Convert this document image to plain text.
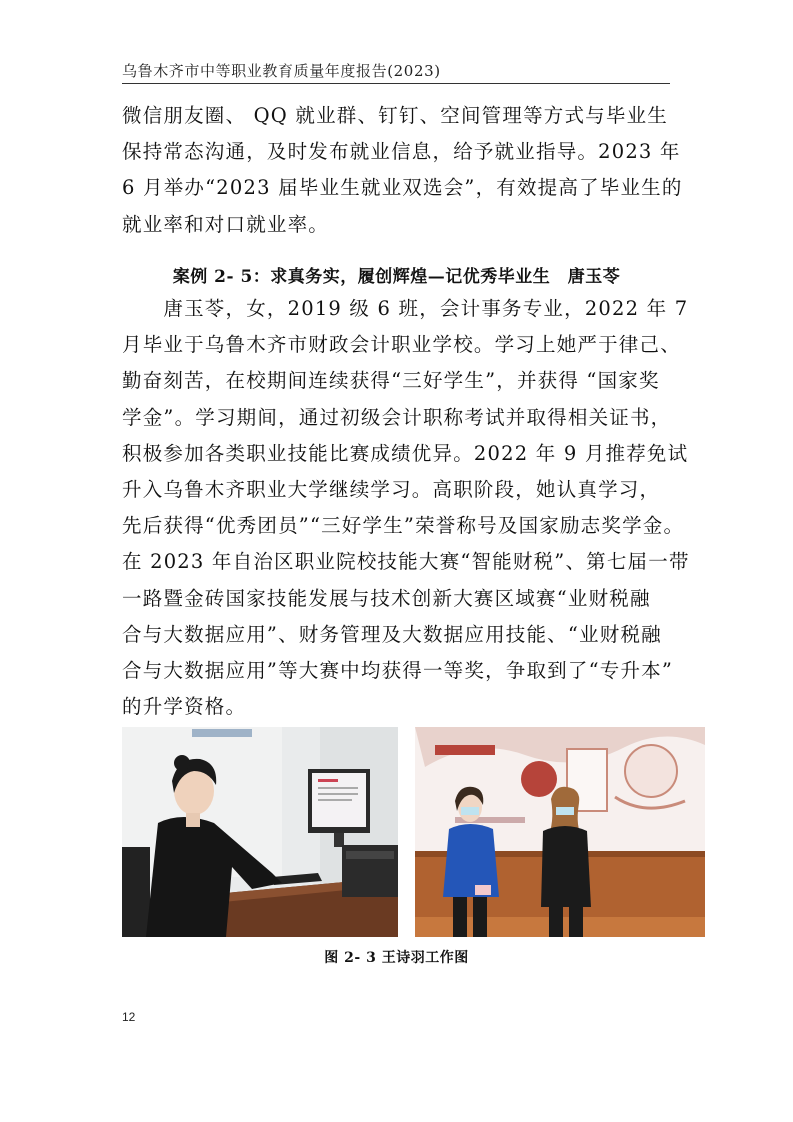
乌鲁木齐市中等职业教育质量年度报告(2023)
微信朋友圈、 QQ 就业群、钉钉、空间管理等方式与毕业生
保持常态沟通，及时发布就业信息，给予就业指导。2023 年
6 月举办“2023 届毕业生就业双选会”，有效提高了毕业生的
就业率和对口就业率。
案例 2- 5：求真务实，履创辉煌—记优秀毕业生　唐玉苓
　　唐玉苓，女，2019 级 6 班，会计事务专业，2022 年 7
月毕业于乌鲁木齐市财政会计职业学校。学习上她严于律己、
勤奋刻苦，在校期间连续获得“三好学生”，并获得 “国家奖
学金”。学习期间，通过初级会计职称考试并取得相关证书，
积极参加各类职业技能比赛成绩优异。2022 年 9 月推荐免试
升入乌鲁木齐职业大学继续学习。高职阶段，她认真学习，
先后获得“优秀团员”“三好学生”荣誉称号及国家励志奖学金。
在 2023 年自治区职业院校技能大赛“智能财税”、第七届一带
一路暨金砖国家技能发展与技术创新大赛区域赛“业财税融
合与大数据应用”、财务管理及大数据应用技能、“业财税融
合与大数据应用”等大赛中均获得一等奖，争取到了“专升本”
的升学资格。
图 2- 3 王诗羽工作图
12
